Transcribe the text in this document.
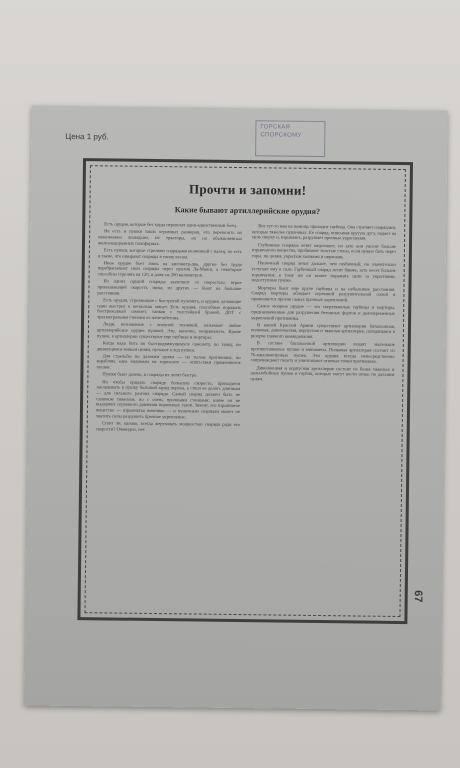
Цена 1 руб.
ГОРСКАЯ
СПОРСКОМУ
Прочти и запомни!
Какие бывают артиллерийские орудия?

Есть орудия, которые без труда перевозят один-единственный боец.

Не есть и пушки таких огромных размеров, что перевозить их невозможно лошадьми, их тракторы, их на обыкновенных железнодорожных платформах.

Есть пушки, которые стреляют снарядами величиной с палец, но есть и такие, что швыряют снаряды в тонну весом.

Иное орудие бьет лишь на километр-два, другие без труда перебрасывают свои снаряды через пролив Ла-Манш, а некоторые способны стрелять на 120, и даже на 200 километров.

Из одних орудий снаряды вылетают со скоростью, втрое превышающей скорость звука; из других — бьют на большие расстояния.

Есть орудия, стреляющие с быстротой пулемета, и орудия, делающие один выстрел в несколько минут. Есть орудия, способные поражать быстроходный самолет, танков с толстейшей броней, ДОТ с трехметровыми стенами из железобетона.

Люди, незнакомые с военной техникой, называют любое артиллерийское орудие пушкой. Это, конечно, неправильно. Кроме пушек, в артиллерии существуют еще гаубицы и мортиры.

Когда надо бить по быстродвижущемуся самолету, по танку, по движущимся живым целям, пускают в ход пушки.

Для стрельбы по далеким целям — по тылам противника, по кораблям, едва видимым на горизонте — опять-таки применяются пушки.

Пушки бьют далеко, и снаряды их летят быстро.

Но чтобы придать снаряду большую скорость, приходится закладывать в пушку большой заряд пороха, а ствол ее делать длинным — для сильного разгона снаряда. Самый снаряд должен быть не слишком тяжелым, но с очень прочными стенками; иначе он не выдержит огромного давления пороховых газов. Значит, его взрывчатое вещество — взрывчатка невелико — и пушечным снарядам может не хватить силы разрушить прочное укрепление.

Стоит ли, однако, всегда жертвовать мощностью снаряда ради его скорости? Очевидно, нет.

Вот тут-то вам на помощь приходит гаубица. Она стреляет снарядами, которые тяжелее пушечных. Ее снаряд, описывая крутую дугу, падает на цель сверху и, взрываясь, разрушает прочные укрепления.

Глубинные снаряды летят медленнее, но зато они уносят больше взрывчатого вещества, пробивают толстые стены, если нужно бить через горы, по целям, укрытым холмами и оврагами.

Пушечный снаряд летит дальше, чем гаубичный, но значительно уступает ему в силе. Гаубичный снаряд летит ближе, зато несет больше взрывчатки; к тому же он может поражать цели за укрытиями, недоступные пушке.

Мортиры бьют еще круче гаубицы и на небольшие расстояния. Снаряд мортиры обладает огромной разрушительной силой и применяется против самых прочных укреплений.

Самое мощное орудие — это сверхтяжелые гаубицы и мортиры, предназначенные для разрушения бетонных фортов и долговременных укреплений противника.

В нашей Красной Армии существуют артиллерия батальонная, полковая, дивизионная, корпусная и тяжелая артиллерия, находящаяся в резерве главного командования.

В составе батальонной артиллерии входят маленькие противотанковые пушки и минометы. Полковая артиллерия состоит из 76-миллиметровых пушек. Эти орудия всегда непосредственно сопровождают пехоту и уничтожают огневые точки противника.

Дивизионная и корпусная артиллерия состоит из более тяжелых и дальнобойных пушек и гаубиц, которые могут вести огонь по дальним целям.

67
